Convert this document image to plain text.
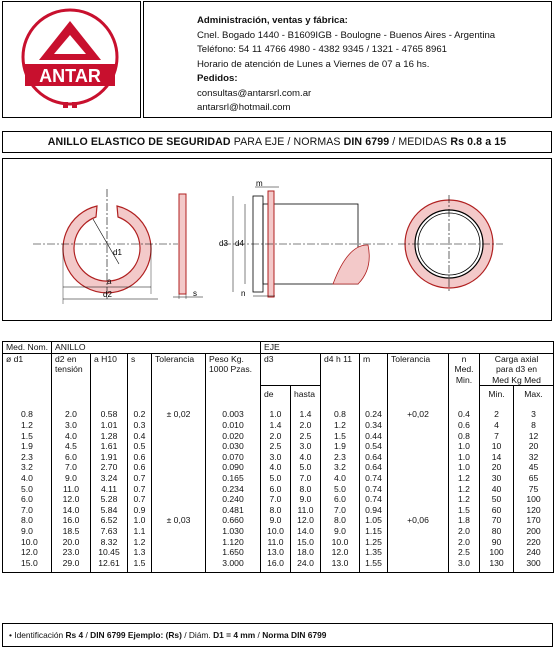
ANTAR
Administración, ventas y fábrica:
Cnel. Bogado 1440 - B1609IGB - Boulogne - Buenos Aires - Argentina
Teléfono: 54 11 4766 4980 - 4382 9345 / 1321 - 4765 8961
Horario de atención de Lunes a Viernes de 07 a 16 hs.
Pedidos:
consultas@antarsrl.com.ar
antarsrl@hotmail.com
ANILLO ELASTICO DE SEGURIDAD PARA EJE / NORMAS DIN 6799 / MEDIDAS Rs 0.8 a 15
d1
a
d2	s
m
n
d3 d4
Med. Nom.	ANILLO					EJE							
ø d1	d2 en	a H10	s	Tolerancia	Peso Kg.	d3		d4 h 11	m	Tolerancia	n	Carga axial	
	tensión				1000 Pzas.						Med.	para d3 en	
											Min.	Med Kg Med	
						de	hasta					Min.	Max.
0.8	2.0	0.58	0.2	± 0,02	0.003	1.0	1.4	0.8	0.24	+0,02	0.4	2	3
1.2	3.0	1.01	0.3		0.010	1.4	2.0	1.2	0.34		0.6	4	8
1.5	4.0	1.28	0.4		0.020	2.0	2.5	1.5	0.44		0.8	7	12
1.9	4.5	1.61	0.5		0.030	2.5	3.0	1.9	0.54		1.0	10	20
2.3	6.0	1.91	0.6		0.070	3.0	4.0	2.3	0.64		1.0	14	32
3.2	7.0	2.70	0.6		0.090	4.0	5.0	3.2	0.64		1.0	20	45
4.0	9.0	3.24	0.7		0.165	5.0	7.0	4.0	0.74		1.2	30	65
5.0	11.0	4.11	0.7		0.234	6.0	8.0	5.0	0.74		1.2	40	75
6.0	12.0	5.28	0.7		0.240	7.0	9.0	6.0	0.74		1.2	50	100
7.0	14.0	5.84	0.9		0.481	8.0	11.0	7.0	0.94		1.5	60	120
8.0	16.0	6.52	1.0	± 0,03	0.660	9.0	12.0	8.0	1.05	+0,06	1.8	70	170
9.0	18.5	7.63	1.1		1.030	10.0	14.0	9.0	1.15		2.0	80	200
10.0	20.0	8.32	1.2		1.120	11.0	15.0	10.0	1.25		2.0	90	220
12.0	23.0	10.45	1.3		1.650	13.0	18.0	12.0	1.35		2.5	100	240
15.0	29.0	12.61	1.5		3.000	16.0	24.0	13.0	1.55		3.0	130	300
• Identificación Rs 4 / DIN 6799 Ejemplo: (Rs) / Diám. D1 = 4 mm / Norma DIN 6799
